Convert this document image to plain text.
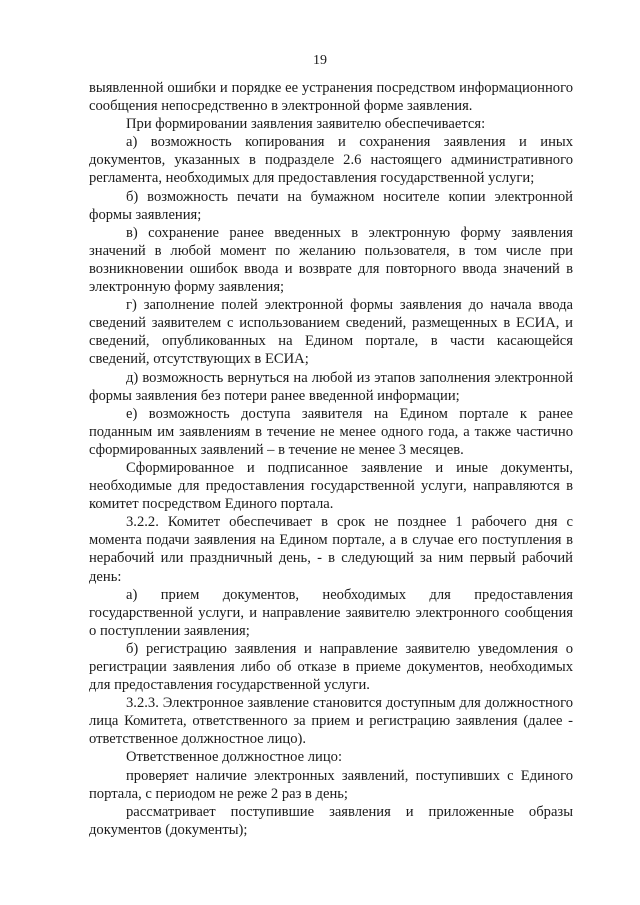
19

выявленной ошибки и порядке ее устранения посредством информационного сообщения непосредственно в электронной форме заявления.

При формировании заявления заявителю обеспечивается:

а) возможность копирования и сохранения заявления и иных документов, указанных в подразделе 2.6 настоящего административного регламента, необходимых для предоставления государственной услуги;

б) возможность печати на бумажном носителе копии электронной формы заявления;

в) сохранение ранее введенных в электронную форму заявления значений в любой момент по желанию пользователя, в том числе при возникновении ошибок ввода и возврате для повторного ввода значений в электронную форму заявления;

г) заполнение полей электронной формы заявления до начала ввода сведений заявителем с использованием сведений, размещенных в ЕСИА, и сведений, опубликованных на Едином портале, в части касающейся сведений, отсутствующих в ЕСИА;

д) возможность вернуться на любой из этапов заполнения электронной формы заявления без потери ранее введенной информации;

е) возможность доступа заявителя на Едином портале к ранее поданным им заявлениям в течение не менее одного года, а также частично сформированных заявлений – в течение не менее 3 месяцев.

Сформированное и подписанное заявление и иные документы, необходимые для предоставления государственной услуги, направляются в комитет посредством Единого портала.

3.2.2. Комитет обеспечивает в срок не позднее 1 рабочего дня с момента подачи заявления на Едином портале, а в случае его поступления в нерабочий или праздничный день, - в следующий за ним первый рабочий день:

а) прием документов, необходимых для предоставления государственной услуги, и направление заявителю электронного сообщения о поступлении заявления;

б) регистрацию заявления и направление заявителю уведомления о регистрации заявления либо об отказе в приеме документов, необходимых для предоставления государственной услуги.

3.2.3. Электронное заявление становится доступным для должностного лица Комитета, ответственного за прием и регистрацию заявления (далее - ответственное должностное лицо).

Ответственное должностное лицо:

проверяет наличие электронных заявлений, поступивших с Единого портала, с периодом не реже 2 раз в день;

рассматривает поступившие заявления и приложенные образы документов (документы);
